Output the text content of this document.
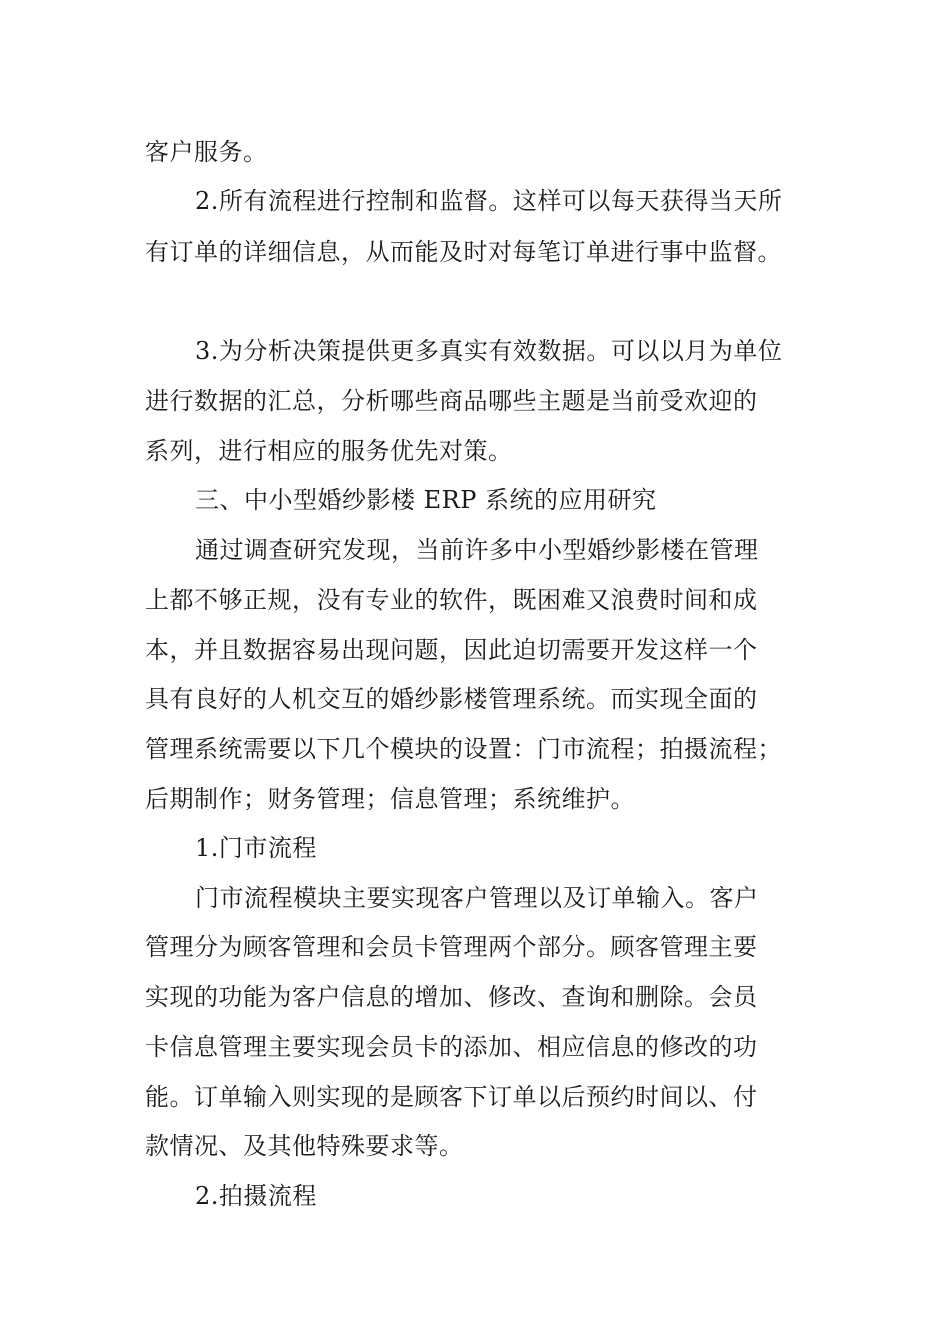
客户服务。
2.所有流程进行控制和监督。这样可以每天获得当天所
有订单的详细信息，从而能及时对每笔订单进行事中监督。
3.为分析决策提供更多真实有效数据。可以以月为单位
进行数据的汇总，分析哪些商品哪些主题是当前受欢迎的
系列，进行相应的服务优先对策。
三、中小型婚纱影楼 ERP 系统的应用研究
通过调查研究发现，当前许多中小型婚纱影楼在管理
上都不够正规，没有专业的软件，既困难又浪费时间和成
本，并且数据容易出现问题，因此迫切需要开发这样一个
具有良好的人机交互的婚纱影楼管理系统。而实现全面的
管理系统需要以下几个模块的设置：门市流程；拍摄流程；
后期制作；财务管理；信息管理；系统维护。
1.门市流程
门市流程模块主要实现客户管理以及订单输入。客户
管理分为顾客管理和会员卡管理两个部分。顾客管理主要
实现的功能为客户信息的增加、修改、查询和删除。会员
卡信息管理主要实现会员卡的添加、相应信息的修改的功
能。订单输入则实现的是顾客下订单以后预约时间以、付
款情况、及其他特殊要求等。
2.拍摄流程
